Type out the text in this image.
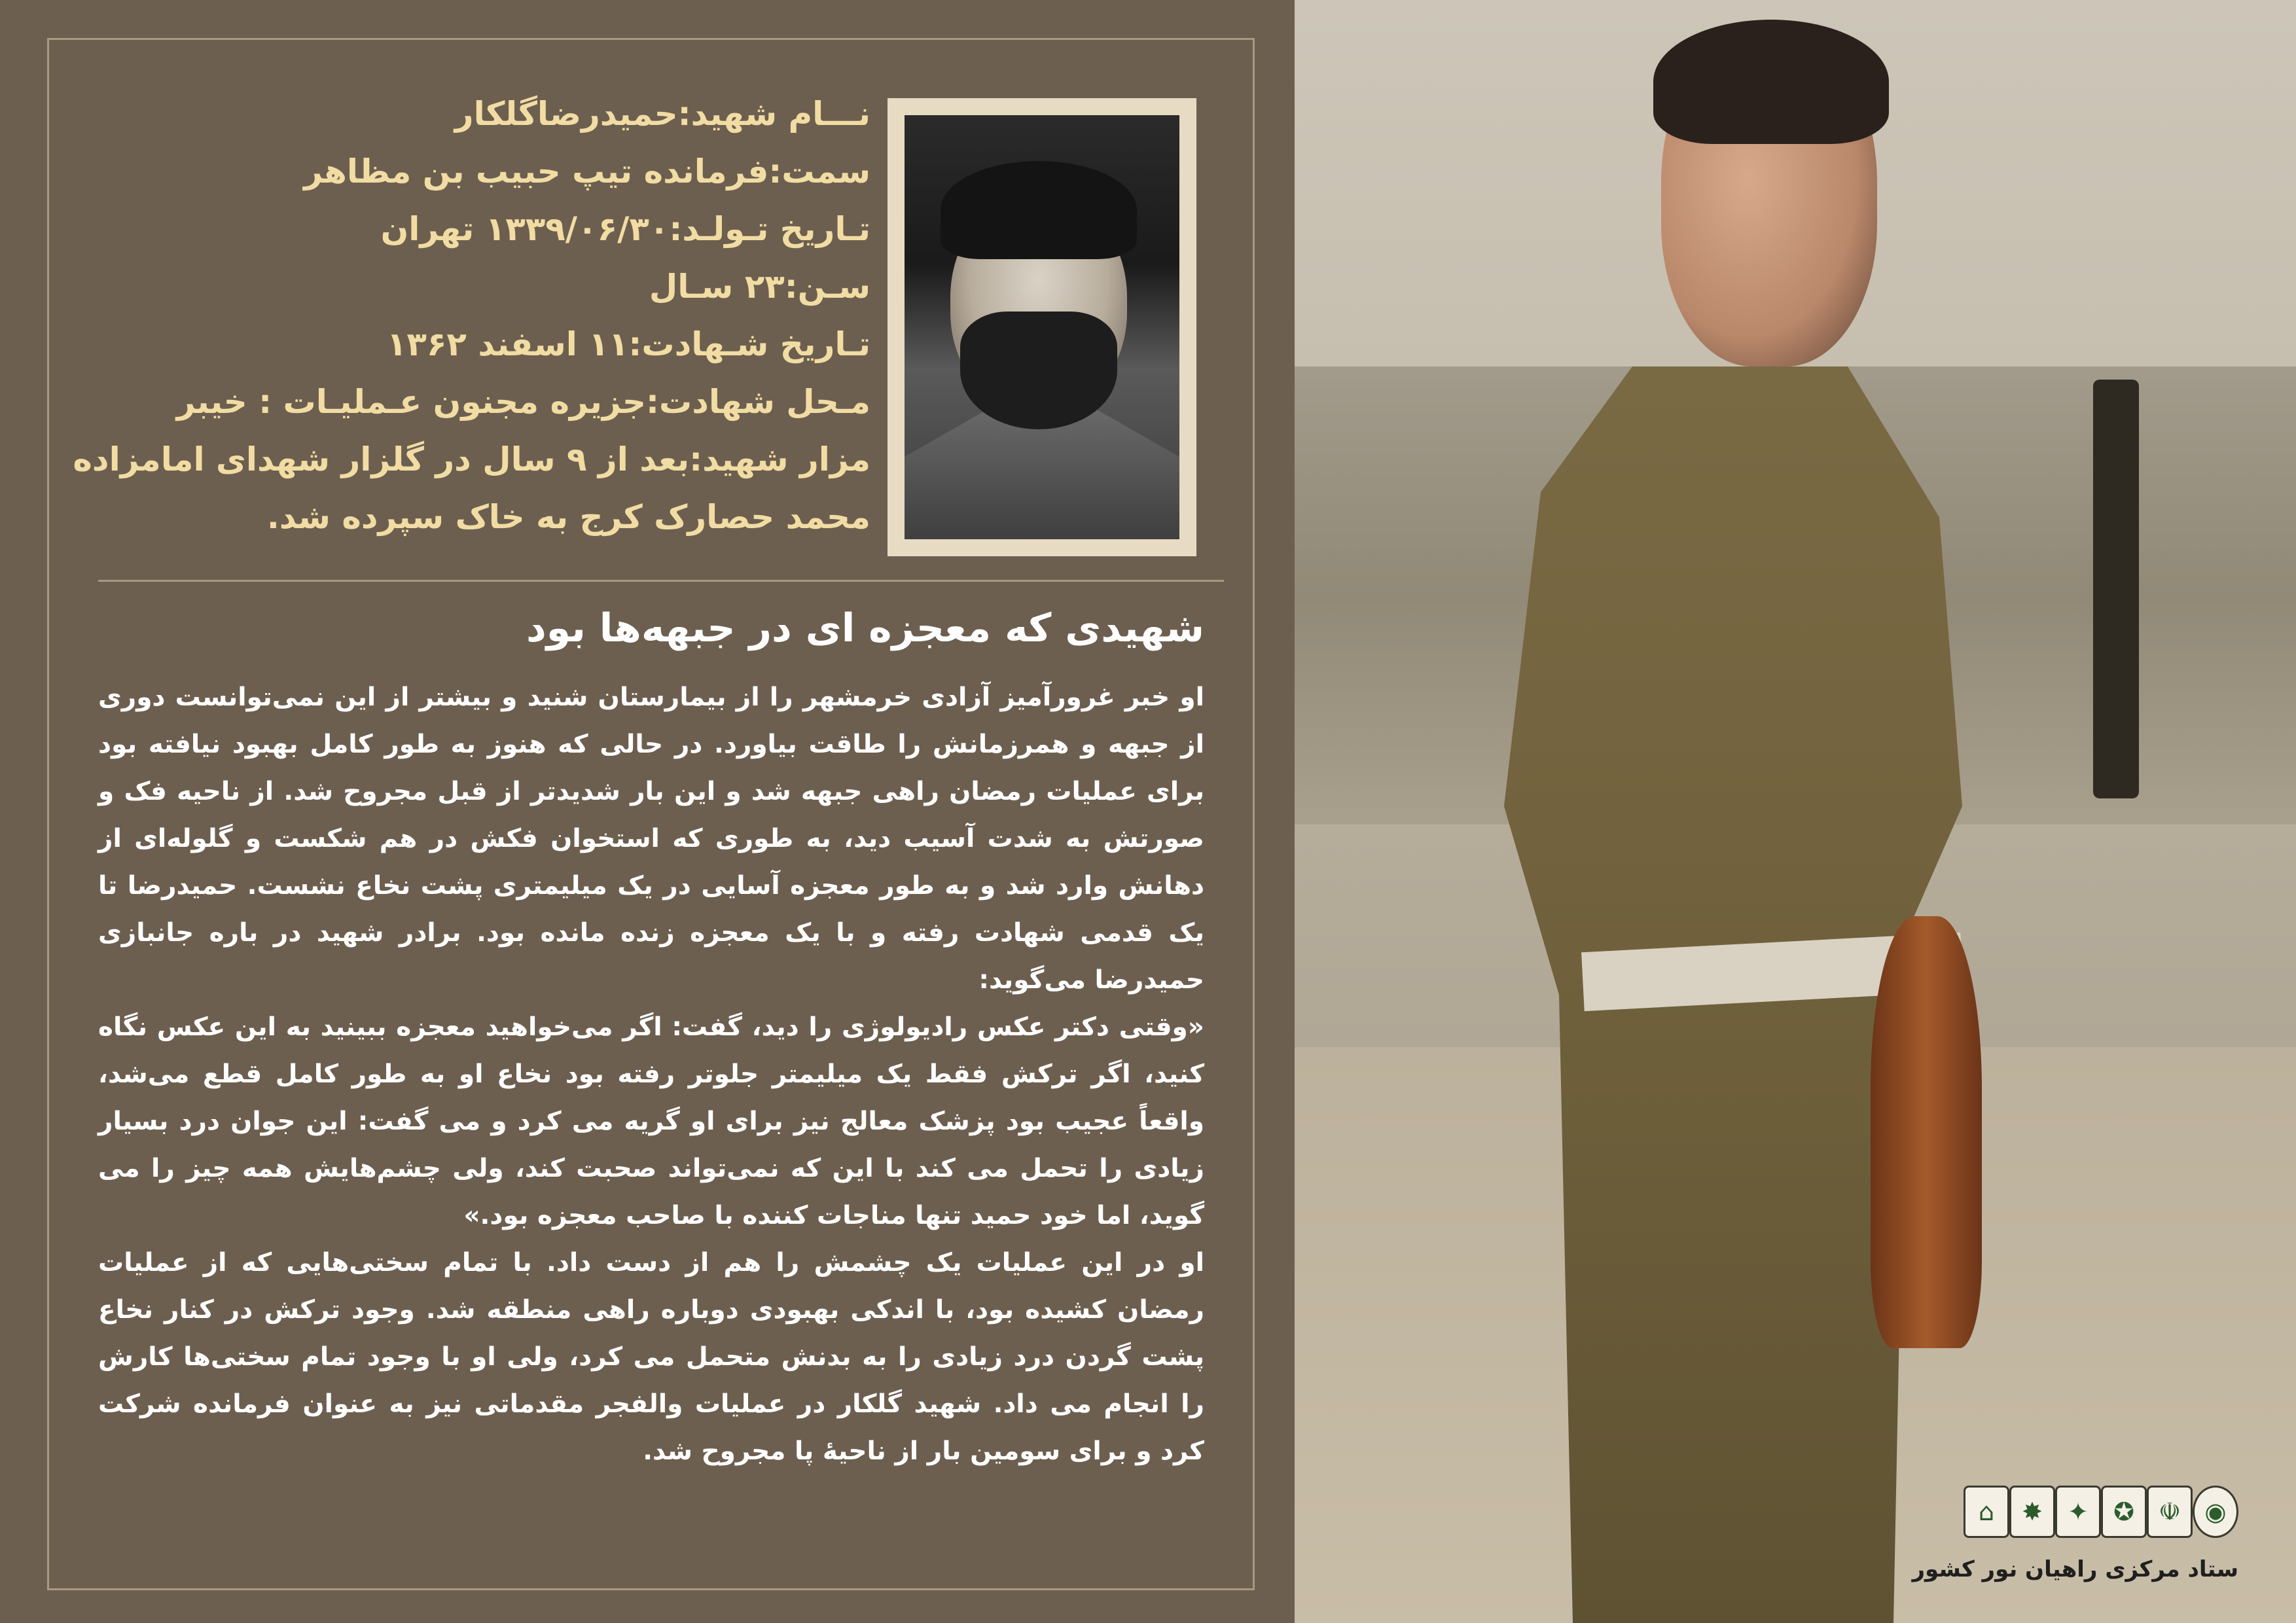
نـــام شهید:حمیدرضاگلکار
سمت:فرمانده تیپ حبیب بن مظاهر
تـاریخ تـولـد:۱۳۳۹/۰۶/۳۰ تهران
سـن:۲۳ سـال
تـاریخ شـهادت:۱۱ اسفند ۱۳۶۲
مـحل شهادت:جزیره مجنون عـملیـات : خیبر
مزار شهید:بعد از ۹ سال در گلزار شهدای امامزاده
محمد حصارک کرج به خاک سپرده شد.
شهیدی که معجزه ای در جبهه‌ها بود

او خبر غرورآمیز آزادی خرمشهر را از بیمارستان شنید و بیشتر از این نمی‌توانست دوری از جبهه و همرزمانش را طاقت بیاورد. در حالی که هنوز به طور کامل بهبود نیافته بود برای عملیات رمضان راهی جبهه شد و این بار شدیدتر از قبل مجروح شد. از ناحیه فک و صورتش به شدت آسیب دید، به طوری که استخوان فکش در هم شکست و گلوله‌ای از دهانش وارد شد و به طور معجزه آسایی در یک میلیمتری پشت نخاع نشست. حمیدرضا تا یک قدمی شهادت رفته و با یک معجزه زنده مانده بود. برادر شهید در باره جانبازی حمیدرضا می‌گوید:

«وقتی دکتر عکس رادیولوژی را دید، گفت: اگر می‌خواهید معجزه ببینید به این عکس نگاه کنید، اگر ترکش فقط یک میلیمتر جلوتر رفته بود نخاع او به طور کامل قطع می‌شد، واقعاً عجیب بود پزشک معالج نیز برای او گریه می کرد و می گفت: این جوان درد بسیار زیادی را تحمل می کند با این که نمی‌تواند صحبت کند، ولی چشم‌هایش همه چیز را می گوید، اما خود حمید تنها مناجات کننده با صاحب معجزه بود.»

او در این عملیات یک چشمش را هم از دست داد. با تمام سختی‌هایی که از عملیات رمضان کشیده بود، با اندکی بهبودی دوباره راهی منطقه شد. وجود ترکش در کنار نخاع پشت گردن درد زیادی را به بدنش متحمل می کرد، ولی او با وجود تمام سختی‌ها کارش را انجام می داد. شهید گلکار در عملیات والفجر مقدماتی نیز به عنوان فرمانده شرکت کرد و برای سومین بار از ناحیهٔ پا مجروح شد.

◉
☫
✪
✦
✸
⌂
ستاد مرکزی راهیان نور کشور
